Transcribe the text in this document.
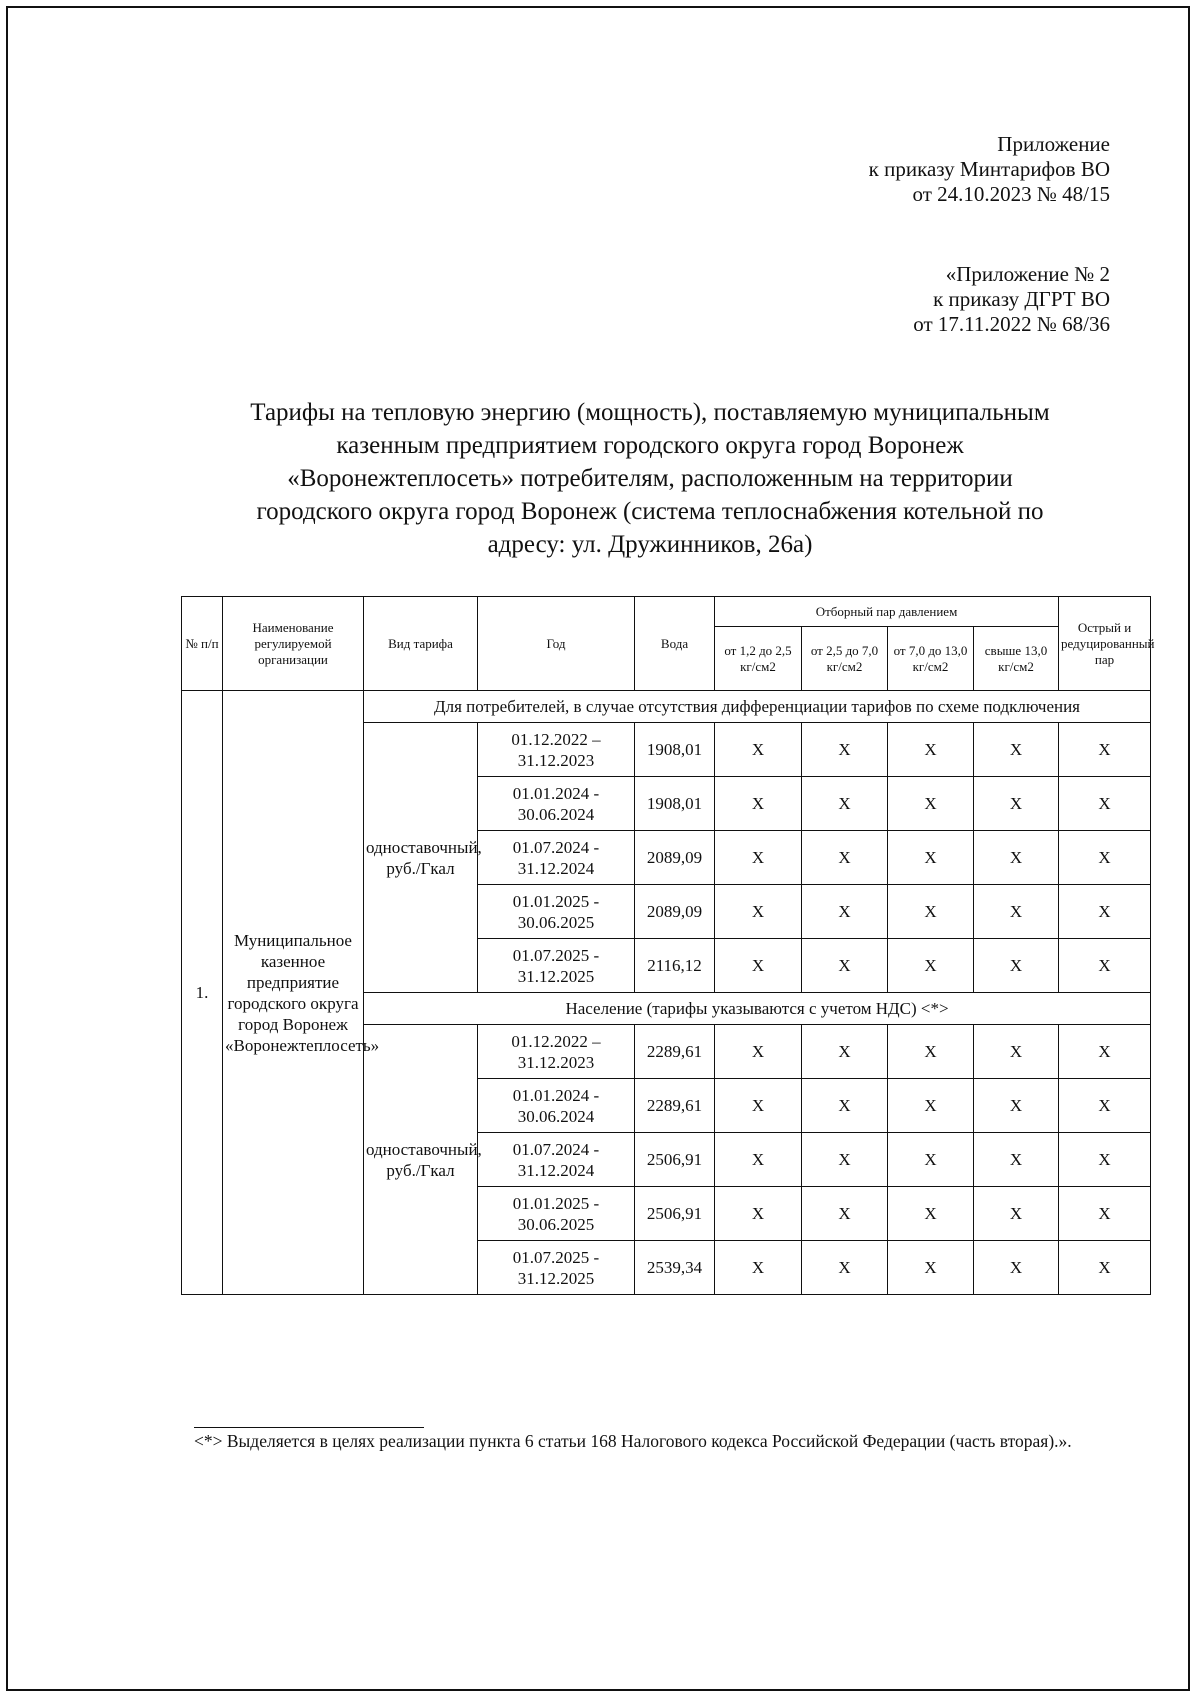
Приложение
к приказу Минтарифов ВО
от 24.10.2023 № 48/15
«Приложение № 2
к приказу ДГРТ ВО
от 17.11.2022 № 68/36
Тарифы на тепловую энергию (мощность), поставляемую муниципальным
казенным предприятием городского округа город Воронеж
«Воронежтеплосеть» потребителям, расположенным на территории
городского округа город Воронеж (система теплоснабжения котельной по
адресу: ул. Дружинников, 26а)
№ п/п	Наименование регулируемой организации	Вид тарифа	Год	Вода	Отборный пар давлением				Острый и редуцированный пар
					от 1,2 до 2,5 кг/см2	от 2,5 до 7,0 кг/см2	от 7,0 до 13,0 кг/см2	свыше 13,0 кг/см2	
1.	Муниципальное казенное предприятие городского округа город Воронеж «Воронежтеплосеть»	Для потребителей, в случае отсутствия дифференциации тарифов по схеме подключения							
		одноставочный, руб./Гкал	01.12.2022 – 31.12.2023	1908,01	Х	Х	Х	Х	Х
			01.01.2024 - 30.06.2024	1908,01	Х	Х	Х	Х	Х
			01.07.2024 - 31.12.2024	2089,09	Х	Х	Х	Х	Х
			01.01.2025 - 30.06.2025	2089,09	Х	Х	Х	Х	Х
			01.07.2025 - 31.12.2025	2116,12	Х	Х	Х	Х	Х
		Население (тарифы указываются с учетом НДС) <*>							
		одноставочный, руб./Гкал	01.12.2022 – 31.12.2023	2289,61	Х	Х	Х	Х	Х
			01.01.2024 - 30.06.2024	2289,61	Х	Х	Х	Х	Х
			01.07.2024 - 31.12.2024	2506,91	Х	Х	Х	Х	Х
			01.01.2025 - 30.06.2025	2506,91	Х	Х	Х	Х	Х
			01.07.2025 - 31.12.2025	2539,34	Х	Х	Х	Х	Х
<*> Выделяется в целях реализации пункта 6 статьи 168 Налогового кодекса Российской Федерации (часть вторая).».
